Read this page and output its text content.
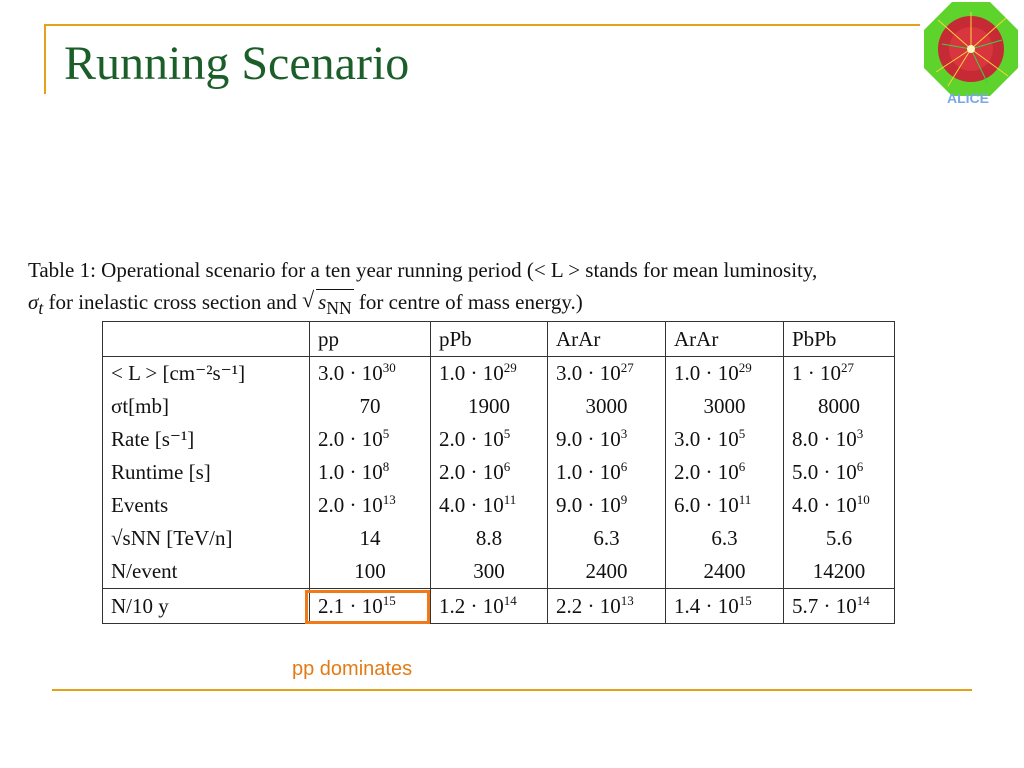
Running Scenario
ALICE
Table 1: Operational scenario for a ten year running period (< L > stands for mean luminosity,
$\sigma_t$ for inelastic cross section and √ $s_{NN}$ for centre of mass energy.)
	pp	pPb	ArAr	ArAr	PbPb
< L > [cm⁻²s⁻¹]	$3.0 \cdot 10^{30}$	$1.0 \cdot 10^{29}$	$3.0 \cdot 10^{27}$	$1.0 \cdot 10^{29}$	$1 \cdot 10^{27}$
σt[mb]	70	1900	3000	3000	8000
Rate [s⁻¹]	$2.0 \cdot 10^5$	$2.0 \cdot 10^5$	$9.0 \cdot 10^3$	$3.0 \cdot 10^5$	$8.0 \cdot 10^3$
Runtime [s]	$1.0 \cdot 10^8$	$2.0 \cdot 10^6$	$1.0 \cdot 10^6$	$2.0 \cdot 10^6$	$5.0 \cdot 10^6$
Events	$2.0 \cdot 10^{13}$	$4.0 \cdot 10^{11}$	$9.0 \cdot 10^9$	$6.0 \cdot 10^{11}$	$4.0 \cdot 10^{10}$
√sNN [TeV/n]	14	8.8	6.3	6.3	5.6
N/event	100	300	2400	2400	14200
N/10 y	$2.1 \cdot 10^{15}$	$1.2 \cdot 10^{14}$	$2.2 \cdot 10^{13}$	$1.4 \cdot 10^{15}$	$5.7 \cdot 10^{14}$
pp dominates
